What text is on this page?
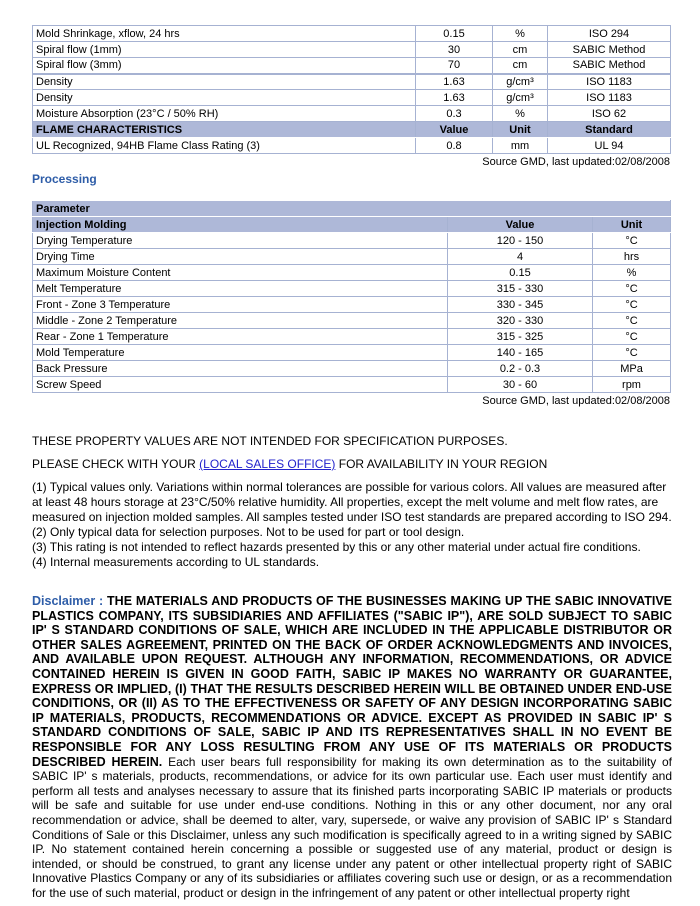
Mold Shrinkage, xflow, 24 hrs	0.15	%	ISO 294
Spiral flow (1mm)	30	cm	SABIC Method
Spiral flow (3mm)	70	cm	SABIC Method
Density	1.63	g/cm³	ISO 1183
Density	1.63	g/cm³	ISO 1183
Moisture Absorption (23°C / 50% RH)	0.3	%	ISO 62
FLAME CHARACTERISTICS	Value	Unit	Standard
UL Recognized, 94HB Flame Class Rating (3)	0.8	mm	UL 94
Source GMD, last updated:02/08/2008
Processing
Parameter		
Injection Molding	Value	Unit
Drying Temperature	120 - 150	°C
Drying Time	4	hrs
Maximum Moisture Content	0.15	%
Melt Temperature	315 - 330	°C
Front - Zone 3 Temperature	330 - 345	°C
Middle - Zone 2 Temperature	320 - 330	°C
Rear - Zone 1 Temperature	315 - 325	°C
Mold Temperature	140 - 165	°C
Back Pressure	0.2 - 0.3	MPa
Screw Speed	30 - 60	rpm
Source GMD, last updated:02/08/2008
THESE PROPERTY VALUES ARE NOT INTENDED FOR SPECIFICATION PURPOSES.
PLEASE CHECK WITH YOUR (LOCAL SALES OFFICE) FOR AVAILABILITY IN YOUR REGION
(1) Typical values only. Variations within normal tolerances are possible for various colors. All values are measured after at least 48 hours storage at 23°C/50% relative humidity. All properties, except the melt volume and melt flow rates, are measured on injection molded samples. All samples tested under ISO test standards are prepared according to ISO 294.
(2) Only typical data for selection purposes. Not to be used for part or tool design.
(3) This rating is not intended to reflect hazards presented by this or any other material under actual fire conditions.
(4) Internal measurements according to UL standards.

Disclaimer : THE MATERIALS AND PRODUCTS OF THE BUSINESSES MAKING UP THE SABIC INNOVATIVE PLASTICS COMPANY, ITS SUBSIDIARIES AND AFFILIATES ("SABIC IP"), ARE SOLD SUBJECT TO SABIC IP' S STANDARD CONDITIONS OF SALE, WHICH ARE INCLUDED IN THE APPLICABLE DISTRIBUTOR OR OTHER SALES AGREEMENT, PRINTED ON THE BACK OF ORDER ACKNOWLEDGMENTS AND INVOICES, AND AVAILABLE UPON REQUEST. ALTHOUGH ANY INFORMATION, RECOMMENDATIONS, OR ADVICE CONTAINED HEREIN IS GIVEN IN GOOD FAITH, SABIC IP MAKES NO WARRANTY OR GUARANTEE, EXPRESS OR IMPLIED, (I) THAT THE RESULTS DESCRIBED HEREIN WILL BE OBTAINED UNDER END-USE CONDITIONS, OR (II) AS TO THE EFFECTIVENESS OR SAFETY OF ANY DESIGN INCORPORATING SABIC IP MATERIALS, PRODUCTS, RECOMMENDATIONS OR ADVICE. EXCEPT AS PROVIDED IN SABIC IP' S STANDARD CONDITIONS OF SALE, SABIC IP AND ITS REPRESENTATIVES SHALL IN NO EVENT BE RESPONSIBLE FOR ANY LOSS RESULTING FROM ANY USE OF ITS MATERIALS OR PRODUCTS DESCRIBED HEREIN. Each user bears full responsibility for making its own determination as to the suitability of SABIC IP' s materials, products, recommendations, or advice for its own particular use. Each user must identify and perform all tests and analyses necessary to assure that its finished parts incorporating SABIC IP materials or products will be safe and suitable for use under end-use conditions. Nothing in this or any other document, nor any oral recommendation or advice, shall be deemed to alter, vary, supersede, or waive any provision of SABIC IP' s Standard Conditions of Sale or this Disclaimer, unless any such modification is specifically agreed to in a writing signed by SABIC IP. No statement contained herein concerning a possible or suggested use of any material, product or design is intended, or should be construed, to grant any license under any patent or other intellectual property right of SABIC Innovative Plastics Company or any of its subsidiaries or affiliates covering such use or design, or as a recommendation for the use of such material, product or design in the infringement of any patent or other intellectual property right
